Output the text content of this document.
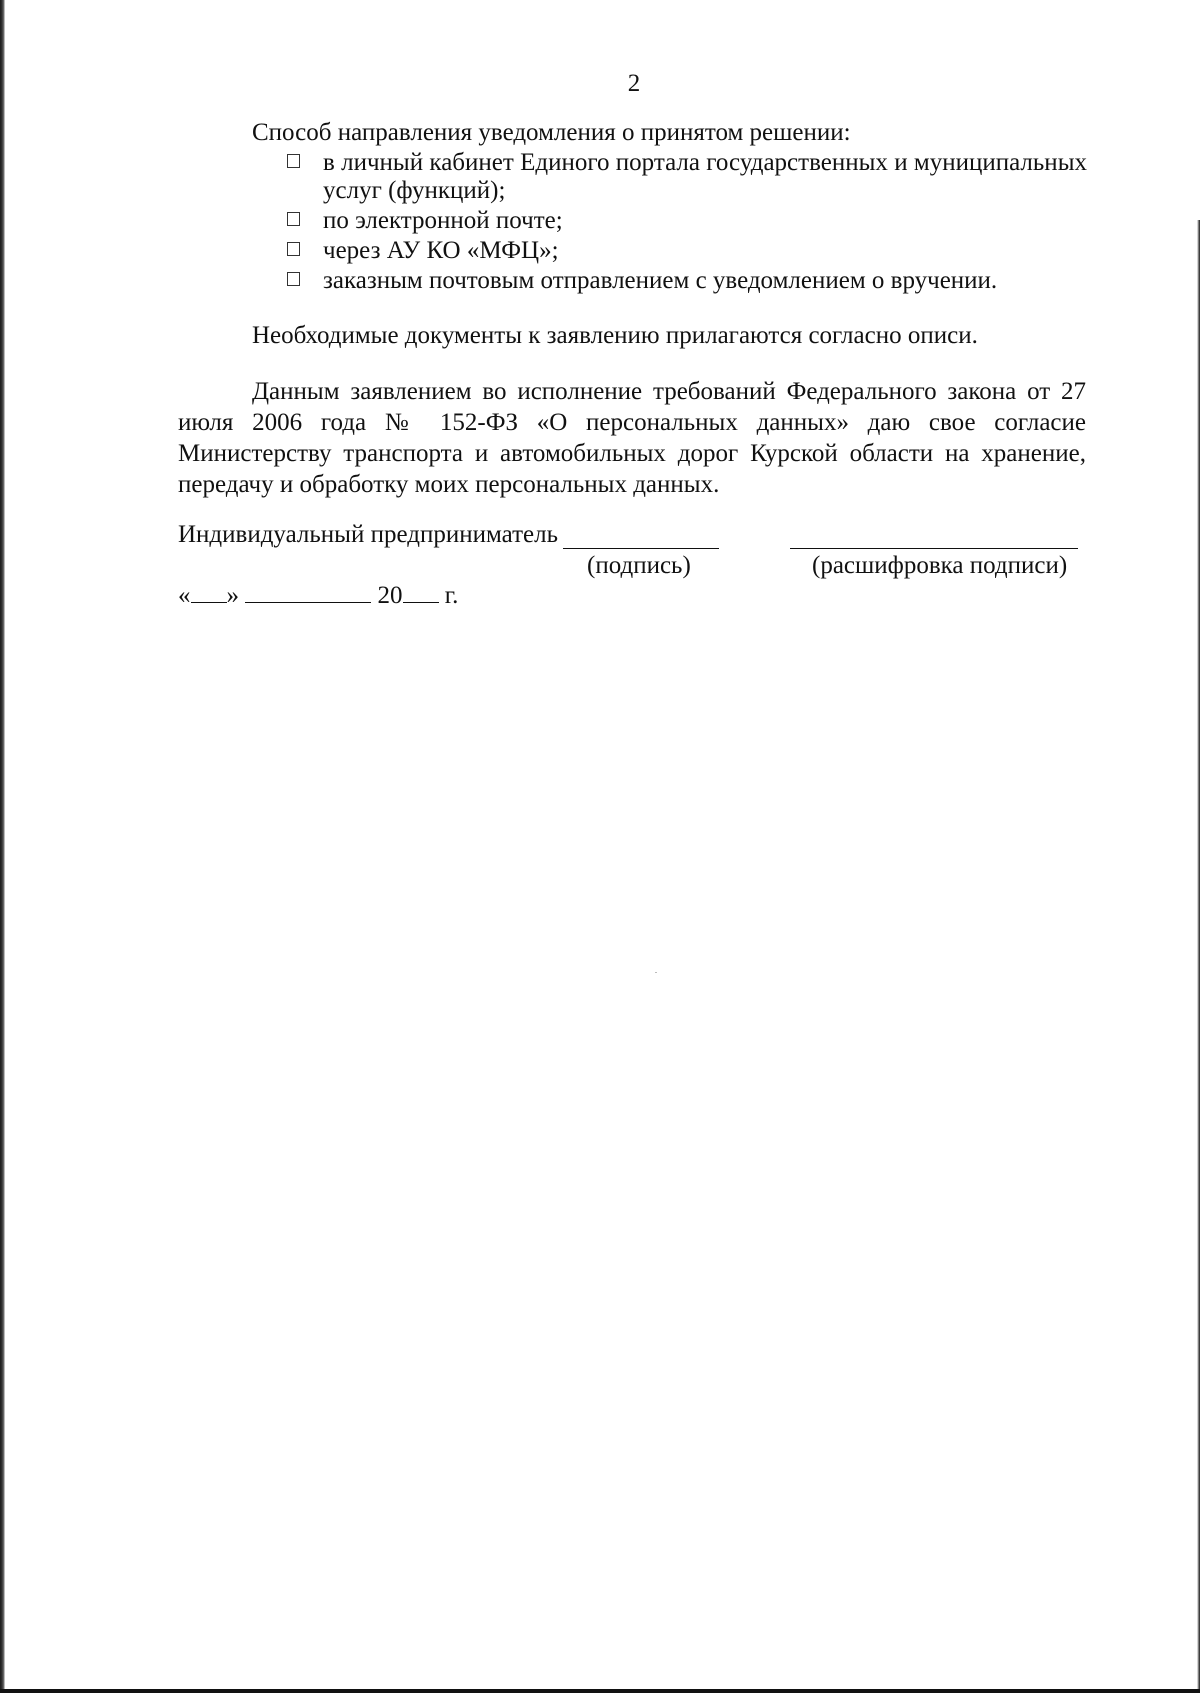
2
Способ направления уведомления о принятом решении:
в личный кабинет Единого портала государственных и муниципальных услуг (функций);
по электронной почте;
через АУ КО «МФЦ»;
заказным почтовым отправлением с уведомлением о вручении.
Необходимые документы к заявлению прилагаются согласно описи.

Данным заявлением во исполнение требований Федерального закона от 27 июля 2006 года № 152-ФЗ «О персональных данных» даю свое согласие Министерству транспорта и автомобильных дорог Курской области на хранение, передачу и обработку моих персональных данных.

Индивидуальный предприниматель
(подпись)	(расшифровка подписи)
« »	20 г.
